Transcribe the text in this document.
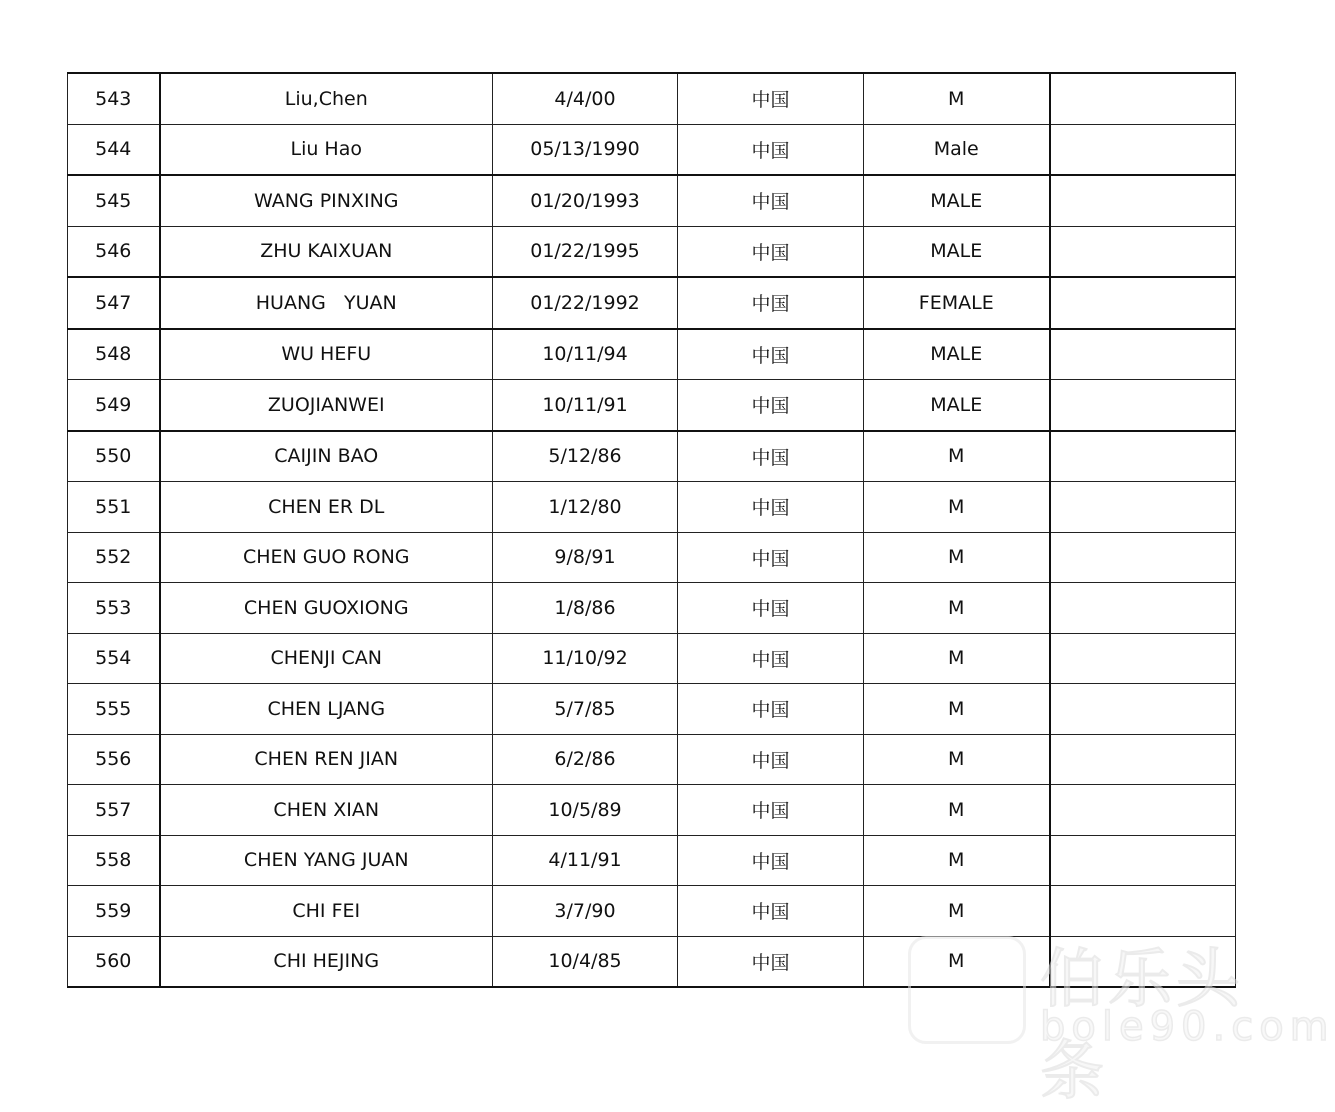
543	Liu,Chen	4/4/00	中国	M	
544	Liu Hao	05/13/1990	中国	Male	
545	WANG PINXING	01/20/1993	中国	MALE	
546	ZHU KAIXUAN	01/22/1995	中国	MALE	
547	HUANG   YUAN	01/22/1992	中国	FEMALE	
548	WU HEFU	10/11/94	中国	MALE	
549	ZUOJIANWEI	10/11/91	中国	MALE	
550	CAIJIN BAO	5/12/86	中国	M	
551	CHEN ER DL	1/12/80	中国	M	
552	CHEN GUO RONG	9/8/91	中国	M	
553	CHEN GUOXIONG	1/8/86	中国	M	
554	CHENJI CAN	11/10/92	中国	M	
555	CHEN LJANG	5/7/85	中国	M	
556	CHEN REN JIAN	6/2/86	中国	M	
557	CHEN XIAN	10/5/89	中国	M	
558	CHEN YANG JUAN	4/11/91	中国	M	
559	CHI FEI	3/7/90	中国	M	
560	CHI HEJING	10/4/85	中国	M	伯乐头条
bole90.com
